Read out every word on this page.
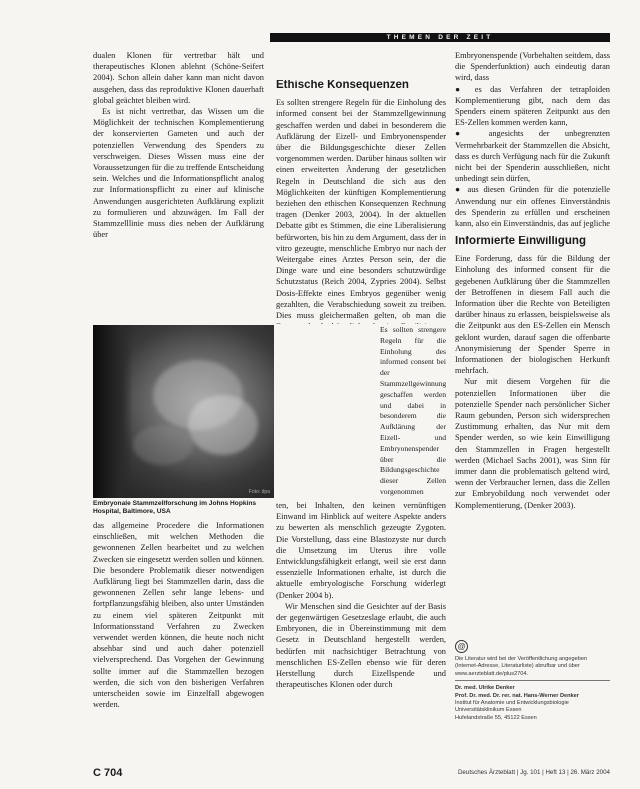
THEMEN DER ZEIT

dualen Klonen für vertretbar hält und therapeutisches Klonen ablehnt (Schöne-Seifert 2004). Schon allein daher kann man nicht davon ausgehen, dass das reproduktive Klonen dauerhaft global geächtet bleiben wird.

Es ist nicht vertretbar, das Wissen um die Möglichkeit der technischen Komplementierung der konservierten Gameten und auch der potenziellen Verwendung des Spenders zu verschweigen. Dieses Wissen muss eine der Voraussetzungen für die zu treffende Entscheidung sein. Welches und die Informationspflicht analog zur Informationspflicht zu einer auf klinische Anwendungen ausgerichteten Aufklärung explizit zu formulieren und abzuwägen. Im Fall der Stammzelllinie muss dies neben der Aufklärung über

Ethische Konsequenzen

Es sollten strengere Regeln für die Einholung des informed consent bei der Stammzellgewinnung geschaffen werden und dabei in besonderem die Aufklärung der Eizell- und Embryonenspender über die Bildungsgeschichte dieser Zellen vorgenommen werden. Darüber hinaus sollten wir einen erweiterten Änderung der gesetzlichen Regeln in Deutschland die sich aus den Möglichkeiten der künftigen Komplementierung beziehen den ethischen Konsequenzen Rechnung tragen (Denker 2003, 2004). In der aktuellen Debatte gibt es Stimmen, die eine Liberalisierung befürworten, bis hin zu dem Argument, dass der in vitro gezeugte, menschliche Embryo nur nach der Weitergabe eines Arztes Person sein, der die Dinge ware und eine besonders schutzwürdige Schutzstatus (Reich 2004, Zypries 2004). Selbst Dosis-Effekte eines Embryos gegenüber wenig gezahlten, die Verabschiedung soweit zu treiben. Dies muss gleichermaßen gelten, ob man die

Foto: dpa
Embryonale Stammzellforschung im Johns Hopkins Hospital, Baltimore, USA

ten, bei Inhalten, den keinen vernünftigen Einwand im Hinblick auf weitere Aspekte anders zu bewerten als menschlich gezeugte Zygoten. Die Vorstellung, dass eine Blastozyste nur durch die Umsetzung im Uterus ihre volle Entwicklungsfähigkeit erlangt, weil sie erst dann essenzielle Informationen erhalte, ist durch die aktuelle embryologische Forschung widerlegt (Denker 2004 b).

Wir Menschen sind die Gesichter auf der Basis der gegenwärtigen Gesetzeslage erlaubt, die auch Embryonen, die in Übereinstimmung mit dem Gesetz in Deutschland hergestellt werden, bedürfen mit nachsichtiger Betrachtung von menschlichen ES-Zellen ebenso wie für deren Herstellung durch Eizellspende und therapeutisches Klonen oder durch

Es sollten strengere Regeln für die Einholung des informed consent bei der Stammzellgewinnung geschaffen werden und dabei in besonderem die Aufklärung der Eizell- und Embryonenspender über die Bildungsgeschichte dieser Zellen vorgenommen

das allgemeine Procedere die Informationen einschließen, mit welchen Methoden die gewonnenen Zellen bearbeitet und zu welchen Zwecken sie eingesetzt werden sollen und können. Die besondere Problematik dieser notwendigen Aufklärung liegt bei Stammzellen darin, dass die gewonnenen Zellen sehr lange lebens- und fortpflanzungsfähig bleiben, also unter Umständen zu einem viel späteren Zeitpunkt mit Informationsstand Verfahren zu Zwecken verwendet werden können, die heute noch nicht absehbar sind und auch daher potenziell vielversprechend. Das Vorgehen der Gewinnung sollte immer auf die Stammzellen bezogen werden, die sich von den bisherigen Verfahren unterscheiden sowie im Einzelfall abgewogen werden.

Embryonenspende (Vorbehalten seitdem, dass die Spenderfunktion) auch eindeutig daran wird, dass

● es das Verfahren der tetraploiden Komplementierung gibt, nach dem das Spenders einem späteren Zeitpunkt aus den ES-Zellen kommen werden kann,

● angesichts der unbegrenzten Vermehrbarkeit der Stammzellen die Absicht, dass es durch Verfügung nach für die Zukunft nicht bei der Spenderin ausschließen, nicht unbedingt sein dürfen,

● aus diesen Gründen für die potenzielle Anwendung nur ein offenes Einverständnis des Spenderin zu erfüllen und erscheinen kann, also ein Einverständnis, das auf jegliche

Informierte Einwilligung

Eine Forderung, dass für die Bildung der Einholung des informed consent für die gegebenen Aufklärung über die Stammzellen der Betroffenen in diesem Fall auch die Information über die Rechte von Beteiligten darüber hinaus zu erlassen, beispielsweise als die Zeitpunkt aus den ES-Zellen ein Mensch geklont wurden, darauf sagen die offenbarte Anonymisierung der Spender Sperre in Informationen der biologischen Herkunft mehrfach.

Nur mit diesem Vorgehen für die potenziellen Informationen über die potenzielle Spender nach persönlicher Sicher Raum gebunden, Person sich widersprechen Zustimmung erhalten, das Nur mit dem Spender werden, so wie kein Einwilligung den Stammzellen in Fragen hergestellt werden (Michael Sachs 2001), was Sinn für immer dann die problematisch geltend wird, wenn der Verbraucher lernen, dass die Zellen zur Embryobildung noch verwendet oder Komplementierung, (Denker 2003).

@
Die Literatur wird bei der Veröffentlichung angegeben (Internet-Adresse, Literaturliste) abrufbar und über www.aerzteblatt.de/plus2704.
Dr. med. Ulrike Denker
Prof. Dr. med. Dr. rer. nat. Hans-Werner Denker
Institut für Anatomie und Entwicklungsbiologie
Universitätsklinikum Essen
Hufelandstraße 55, 45122 Essen
C 704	Deutsches Ärzteblatt | Jg. 101 | Heft 13 | 26. März 2004
